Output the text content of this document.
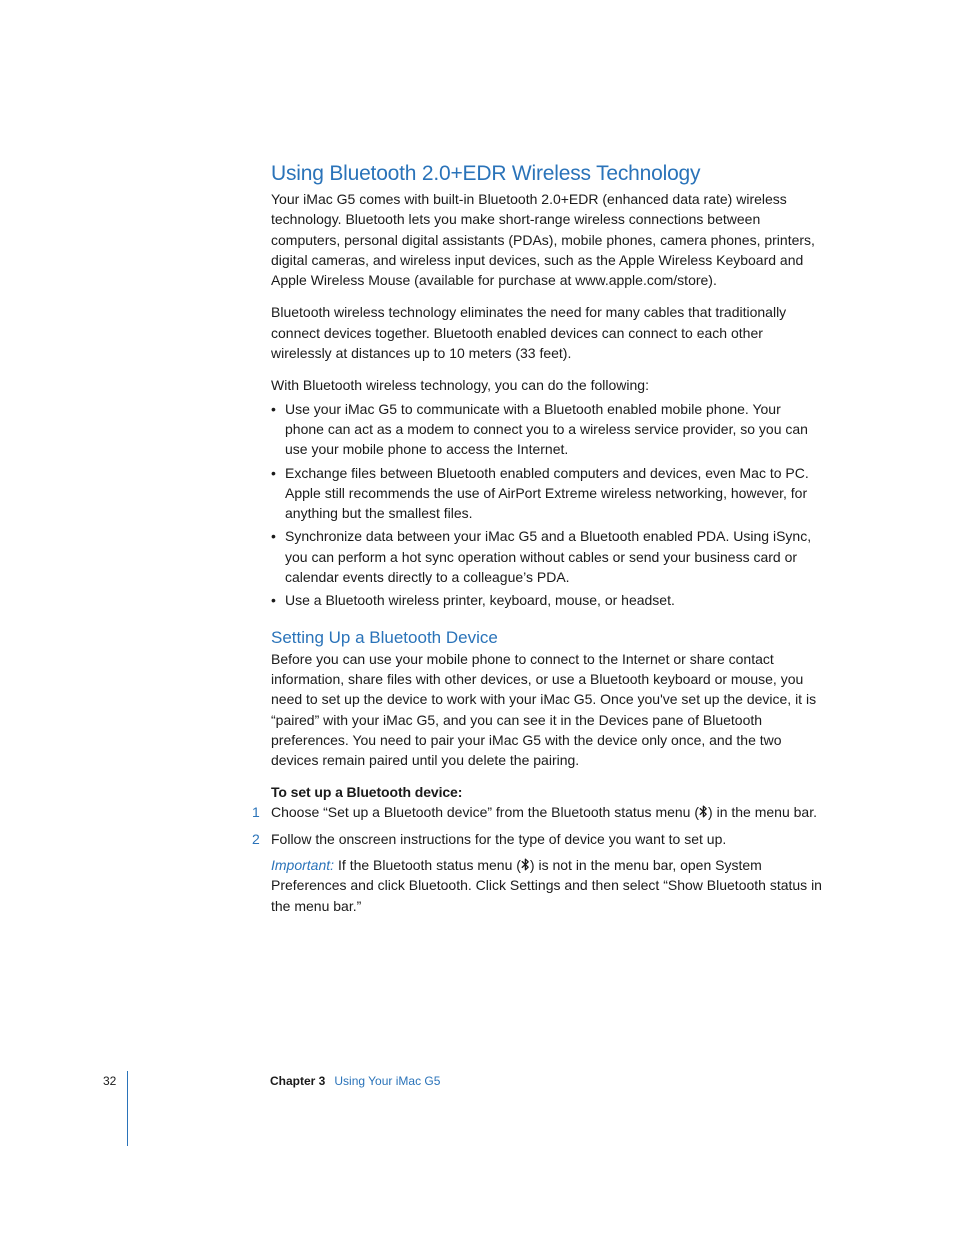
Using Bluetooth 2.0+EDR Wireless Technology

Your iMac G5 comes with built-in Bluetooth 2.0+EDR (enhanced data rate) wireless technology. Bluetooth lets you make short-range wireless connections between computers, personal digital assistants (PDAs), mobile phones, camera phones, printers, digital cameras, and wireless input devices, such as the Apple Wireless Keyboard and Apple Wireless Mouse (available for purchase at www.apple.com/store).

Bluetooth wireless technology eliminates the need for many cables that traditionally connect devices together. Bluetooth enabled devices can connect to each other wirelessly at distances up to 10 meters (33 feet).

With Bluetooth wireless technology, you can do the following:

• Use your iMac G5 to communicate with a Bluetooth enabled mobile phone. Your phone can act as a modem to connect you to a wireless service provider, so you can use your mobile phone to access the Internet.
• Exchange files between Bluetooth enabled computers and devices, even Mac to PC. Apple still recommends the use of AirPort Extreme wireless networking, however, for anything but the smallest files.
• Synchronize data between your iMac G5 and a Bluetooth enabled PDA. Using iSync, you can perform a hot sync operation without cables or send your business card or calendar events directly to a colleague’s PDA.
• Use a Bluetooth wireless printer, keyboard, mouse, or headset.
Setting Up a Bluetooth Device

Before you can use your mobile phone to connect to the Internet or share contact information, share files with other devices, or use a Bluetooth keyboard or mouse, you need to set up the device to work with your iMac G5. Once you've set up the device, it is “paired” with your iMac G5, and you can see it in the Devices pane of Bluetooth preferences. You need to pair your iMac G5 with the device only once, and the two devices remain paired until you delete the pairing.

To set up a Bluetooth device:
1 Choose “Set up a Bluetooth device” from the Bluetooth status menu ( ) in the menu bar.
2 Follow the onscreen instructions for the type of device you want to set up.

Important: If the Bluetooth status menu ( ) is not in the menu bar, open System Preferences and click Bluetooth. Click Settings and then select “Show Bluetooth status in the menu bar.”

32	Chapter 3 Using Your iMac G5
